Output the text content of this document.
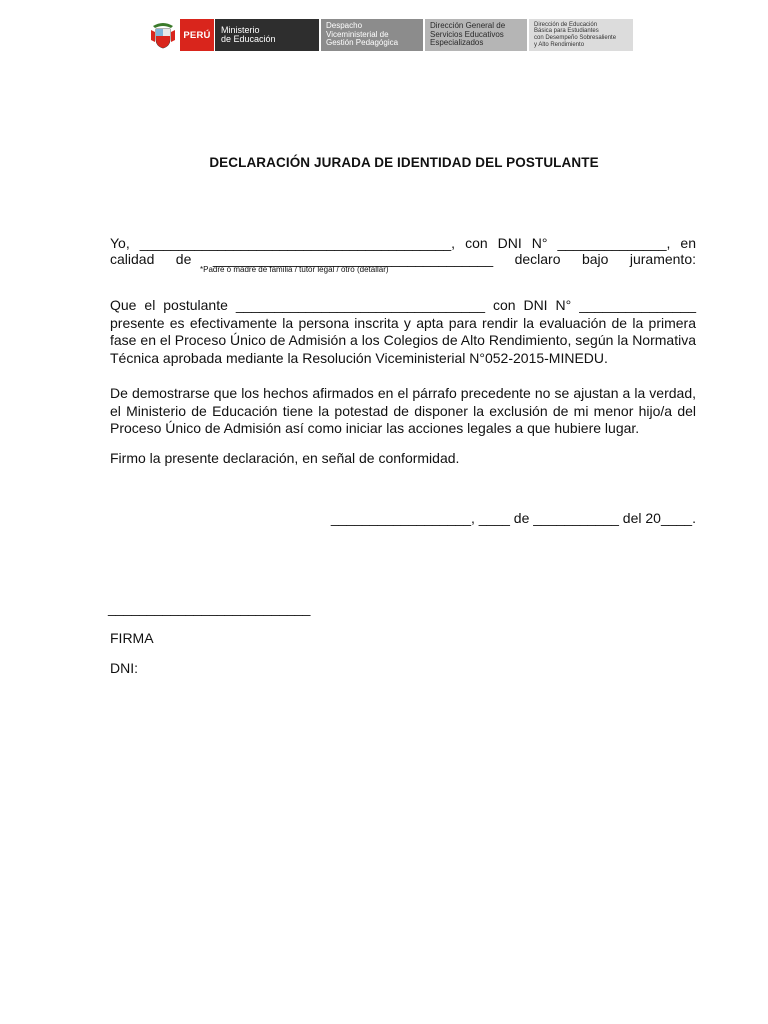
PERÚ	Ministerio
de Educación
Despacho
Viceministerial de
Gestión Pedagógica
Dirección General de
Servicios Educativos
Especializados
Dirección de Educación
Básica para Estudiantes
con Desempeño Sobresaliente
y Alto Rendimiento
DECLARACIÓN JURADA DE IDENTIDAD DEL POSTULANTE
Yo, ________________________________________, con DNI N° ______________, en
calidad de ____________________________________ declaro bajo juramento:
*Padre o madre de familia / tutor legal / otro (detallar)
Que el postulante ________________________________ con DNI N° _______________
presente es efectivamente la persona inscrita y apta para rendir la evaluación de la primera
fase en el Proceso Único de Admisión a los Colegios de Alto Rendimiento, según la Normativa
Técnica aprobada mediante la Resolución Viceministerial N°052-2015-MINEDU.
De demostrarse que los hechos afirmados en el párrafo precedente no se ajustan a la verdad,
el Ministerio de Educación tiene la potestad de disponer la exclusión de mi menor hijo/a del
Proceso Único de Admisión así como iniciar las acciones legales a que hubiere lugar.
Firmo la presente declaración, en señal de conformidad.
__________________, ____ de ___________ del 20____.
__________________________
FIRMA
DNI:
